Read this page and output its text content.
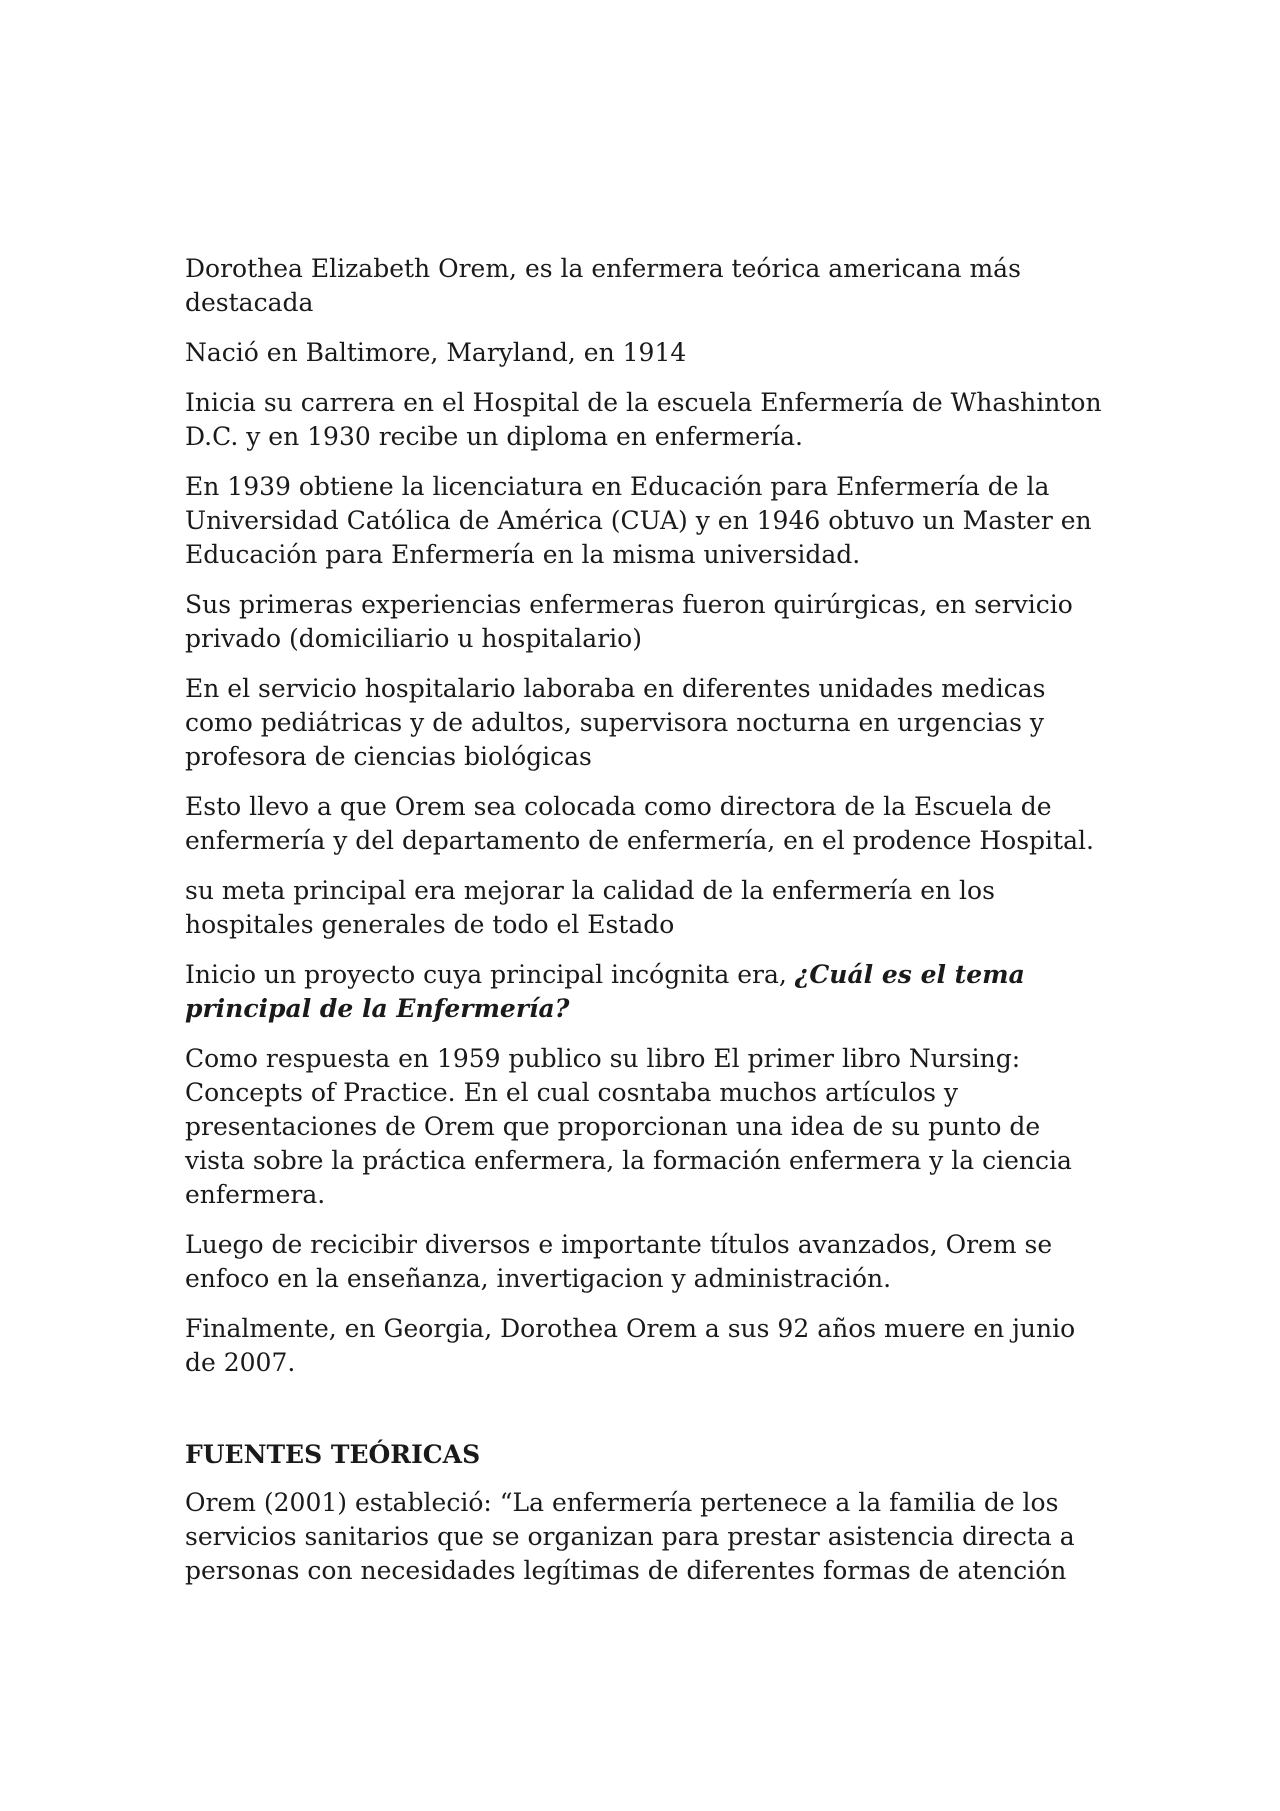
Dorothea Elizabeth Orem, es la enfermera teórica americana más destacada

Nació en Baltimore, Maryland, en 1914

Inicia su carrera en el Hospital de la escuela Enfermería de Whashinton D.C. y en 1930 recibe un diploma en enfermería.

En 1939 obtiene la licenciatura en Educación para Enfermería de la Universidad Católica de América (CUA) y en 1946 obtuvo un Master en Educación para Enfermería en la misma universidad.

Sus primeras experiencias enfermeras fueron quirúrgicas, en servicio privado (domiciliario u hospitalario)

En el servicio hospitalario laboraba en diferentes unidades medicas como pediátricas y de adultos, supervisora nocturna en urgencias y profesora de ciencias biológicas

Esto llevo a que Orem sea colocada como directora de la Escuela de enfermería y del departamento de enfermería, en el prodence Hospital.

su meta principal era mejorar la calidad de la enfermería en los hospitales generales de todo el Estado

Inicio un proyecto cuya principal incógnita era, ¿Cuál es el tema principal de la Enfermería?

Como respuesta en 1959 publico su libro El primer libro Nursing: Concepts of Practice. En el cual cosntaba muchos artículos y presentaciones de Orem que proporcionan una idea de su punto de vista sobre la práctica enfermera, la formación enfermera y la ciencia enfermera.

Luego de recicibir diversos e importante títulos avanzados, Orem se enfoco en la enseñanza, invertigacion y administración.

Finalmente, en Georgia, Dorothea Orem a sus 92 años muere en junio de 2007.

FUENTES TEÓRICAS

Orem (2001) estableció: “La enfermería pertenece a la familia de los servicios sanitarios que se organizan para prestar asistencia directa a personas con necesidades legítimas de diferentes formas de atención
